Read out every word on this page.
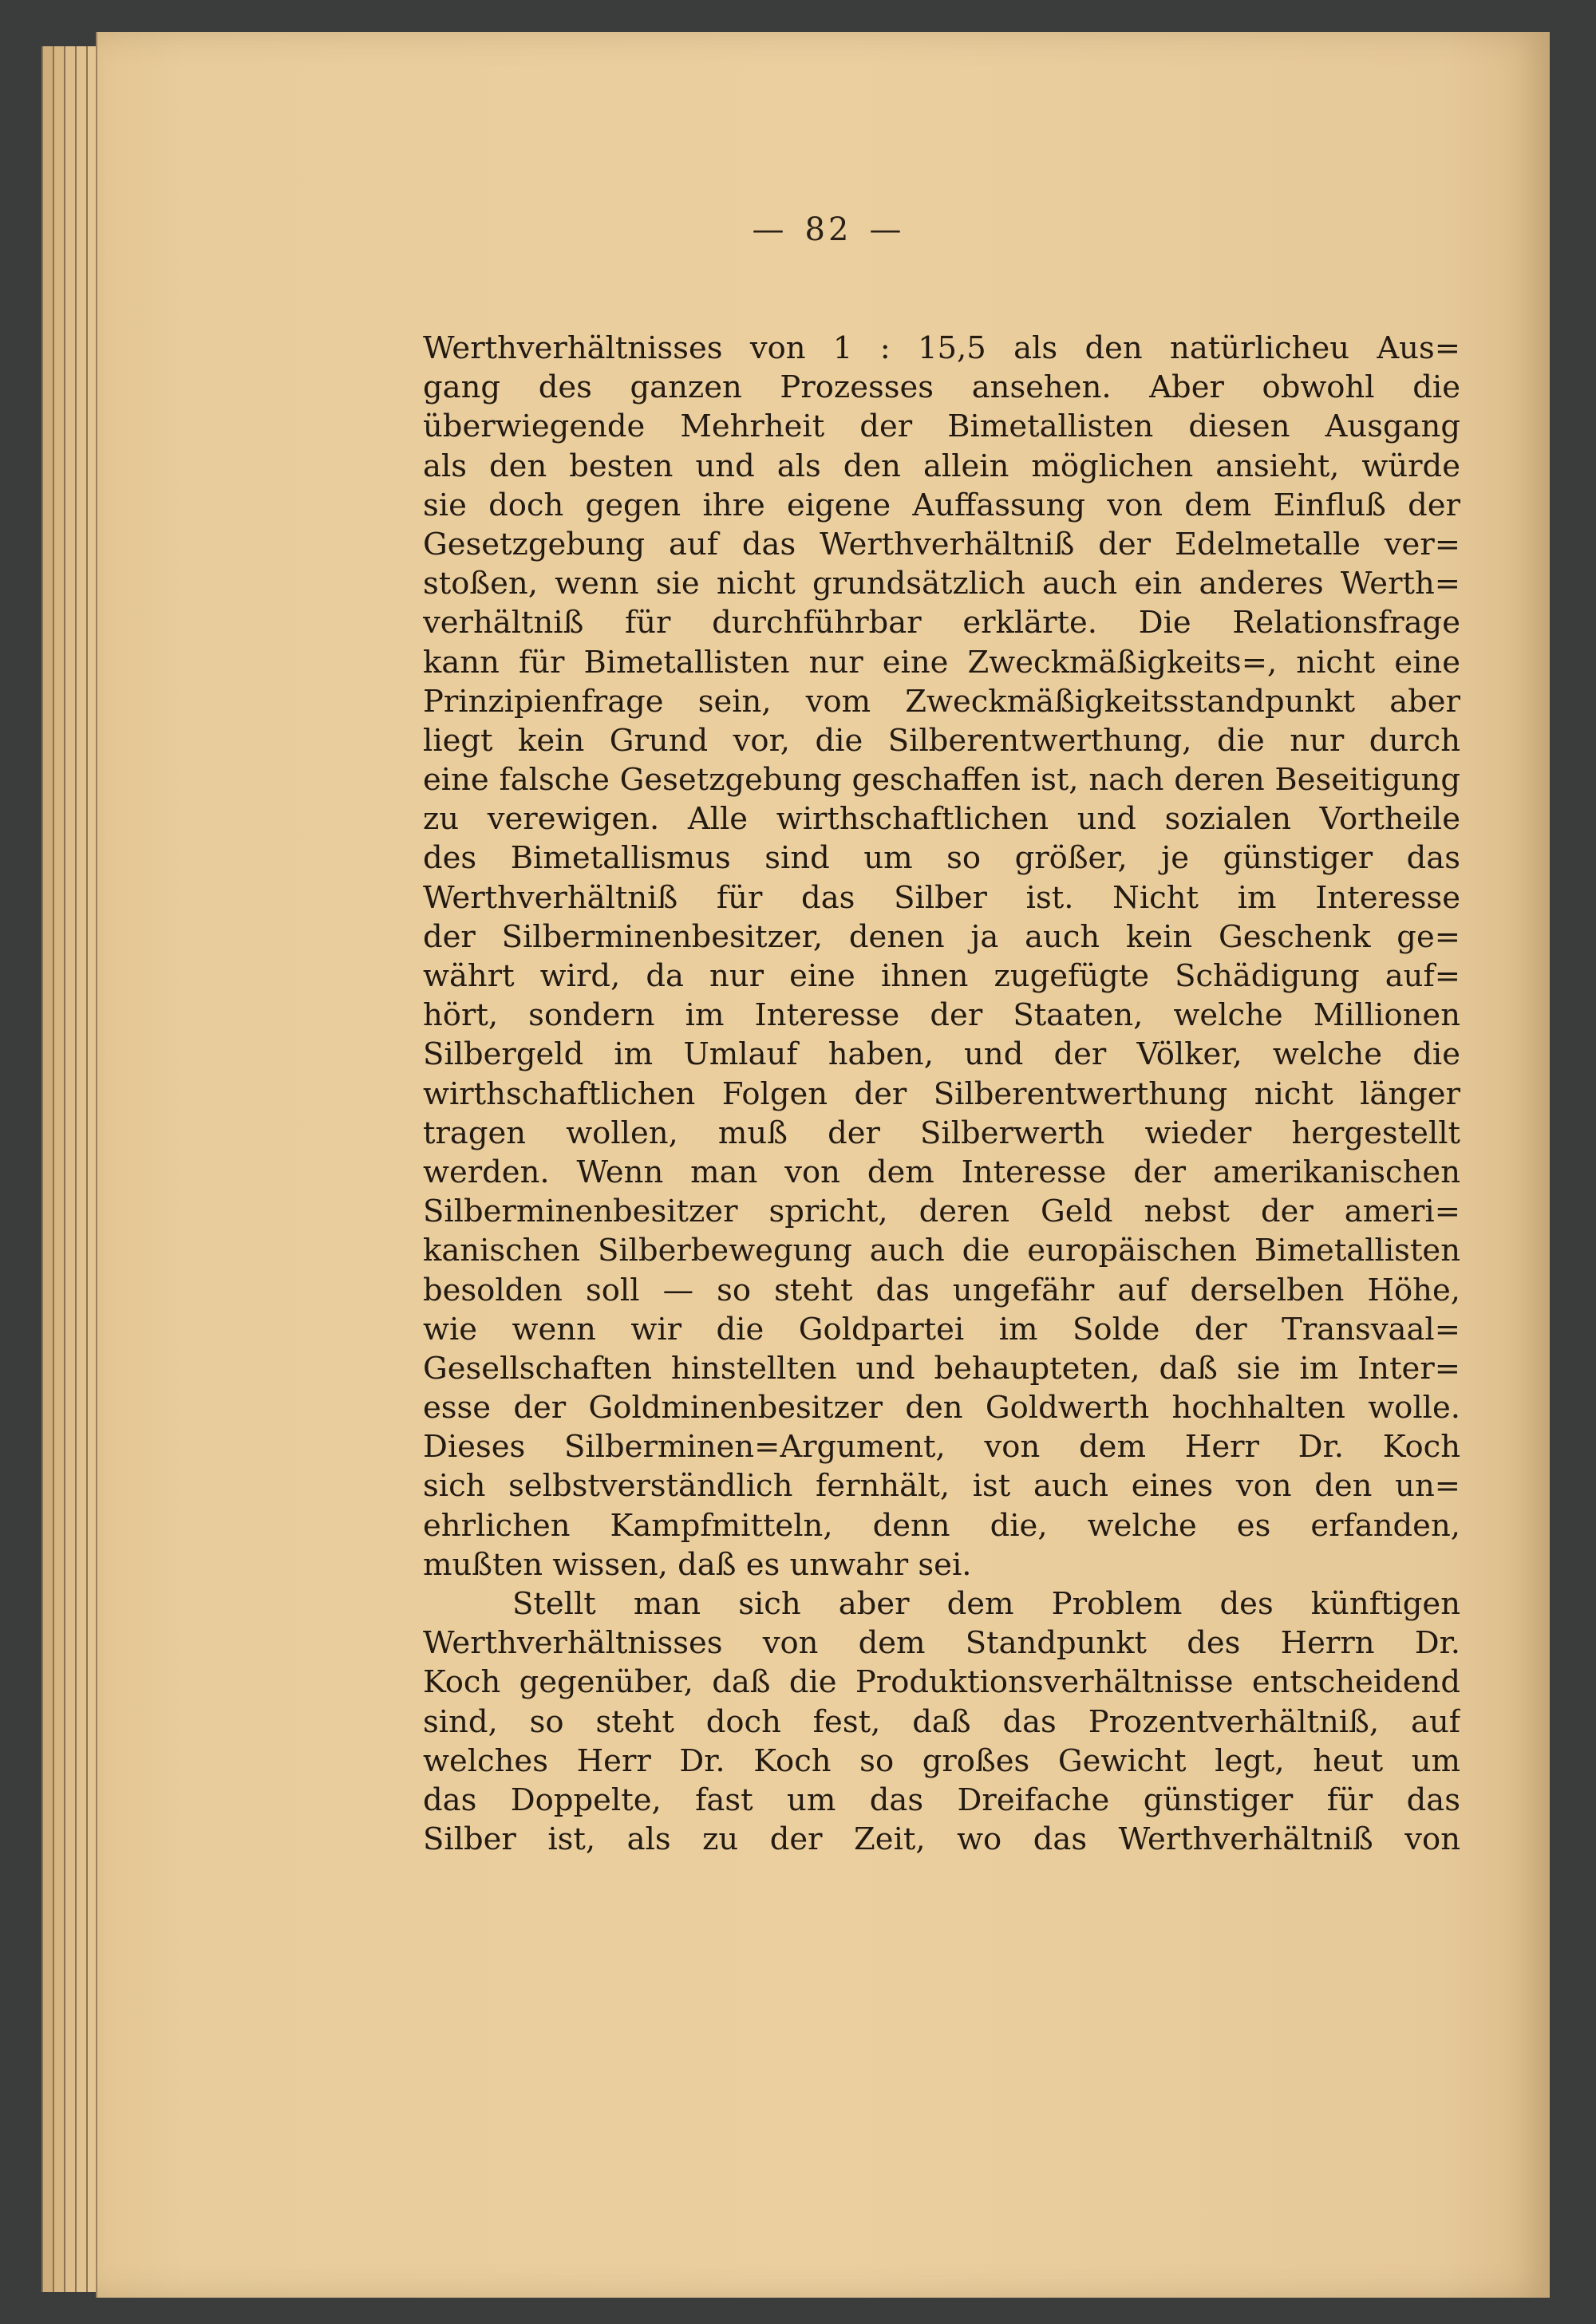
— 82 —
Werthverhältnisses von 1 : 15,5 als den natürlicheu Aus=
gang des ganzen Prozesses ansehen. Aber obwohl die
überwiegende Mehrheit der Bimetallisten diesen Ausgang
als den besten und als den allein möglichen ansieht, würde
sie doch gegen ihre eigene Auffassung von dem Einfluß der
Gesetzgebung auf das Werthverhältniß der Edelmetalle ver=
stoßen, wenn sie nicht grundsätzlich auch ein anderes Werth=
verhältniß für durchführbar erklärte. Die Relationsfrage
kann für Bimetallisten nur eine Zweckmäßigkeits=, nicht eine
Prinzipienfrage sein, vom Zweckmäßigkeitsstandpunkt aber
liegt kein Grund vor, die Silberentwerthung, die nur durch
eine falsche Gesetzgebung geschaffen ist, nach deren Beseitigung
zu verewigen. Alle wirthschaftlichen und sozialen Vortheile
des Bimetallismus sind um so größer, je günstiger das
Werthverhältniß für das Silber ist. Nicht im Interesse
der Silberminenbesitzer, denen ja auch kein Geschenk ge=
währt wird, da nur eine ihnen zugefügte Schädigung auf=
hört, sondern im Interesse der Staaten, welche Millionen
Silbergeld im Umlauf haben, und der Völker, welche die
wirthschaftlichen Folgen der Silberentwerthung nicht länger
tragen wollen, muß der Silberwerth wieder hergestellt
werden. Wenn man von dem Interesse der amerikanischen
Silberminenbesitzer spricht, deren Geld nebst der ameri=
kanischen Silberbewegung auch die europäischen Bimetallisten
besolden soll — so steht das ungefähr auf derselben Höhe,
wie wenn wir die Goldpartei im Solde der Transvaal=
Gesellschaften hinstellten und behaupteten, daß sie im Inter=
esse der Goldminenbesitzer den Goldwerth hochhalten wolle.
Dieses Silberminen=Argument, von dem Herr Dr. Koch
sich selbstverständlich fernhält, ist auch eines von den un=
ehrlichen Kampfmitteln, denn die, welche es erfanden,
mußten wissen, daß es unwahr sei.
Stellt man sich aber dem Problem des künftigen
Werthverhältnisses von dem Standpunkt des Herrn Dr.
Koch gegenüber, daß die Produktionsverhältnisse entscheidend
sind, so steht doch fest, daß das Prozentverhältniß, auf
welches Herr Dr. Koch so großes Gewicht legt, heut um
das Doppelte, fast um das Dreifache günstiger für das
Silber ist, als zu der Zeit, wo das Werthverhältniß von
